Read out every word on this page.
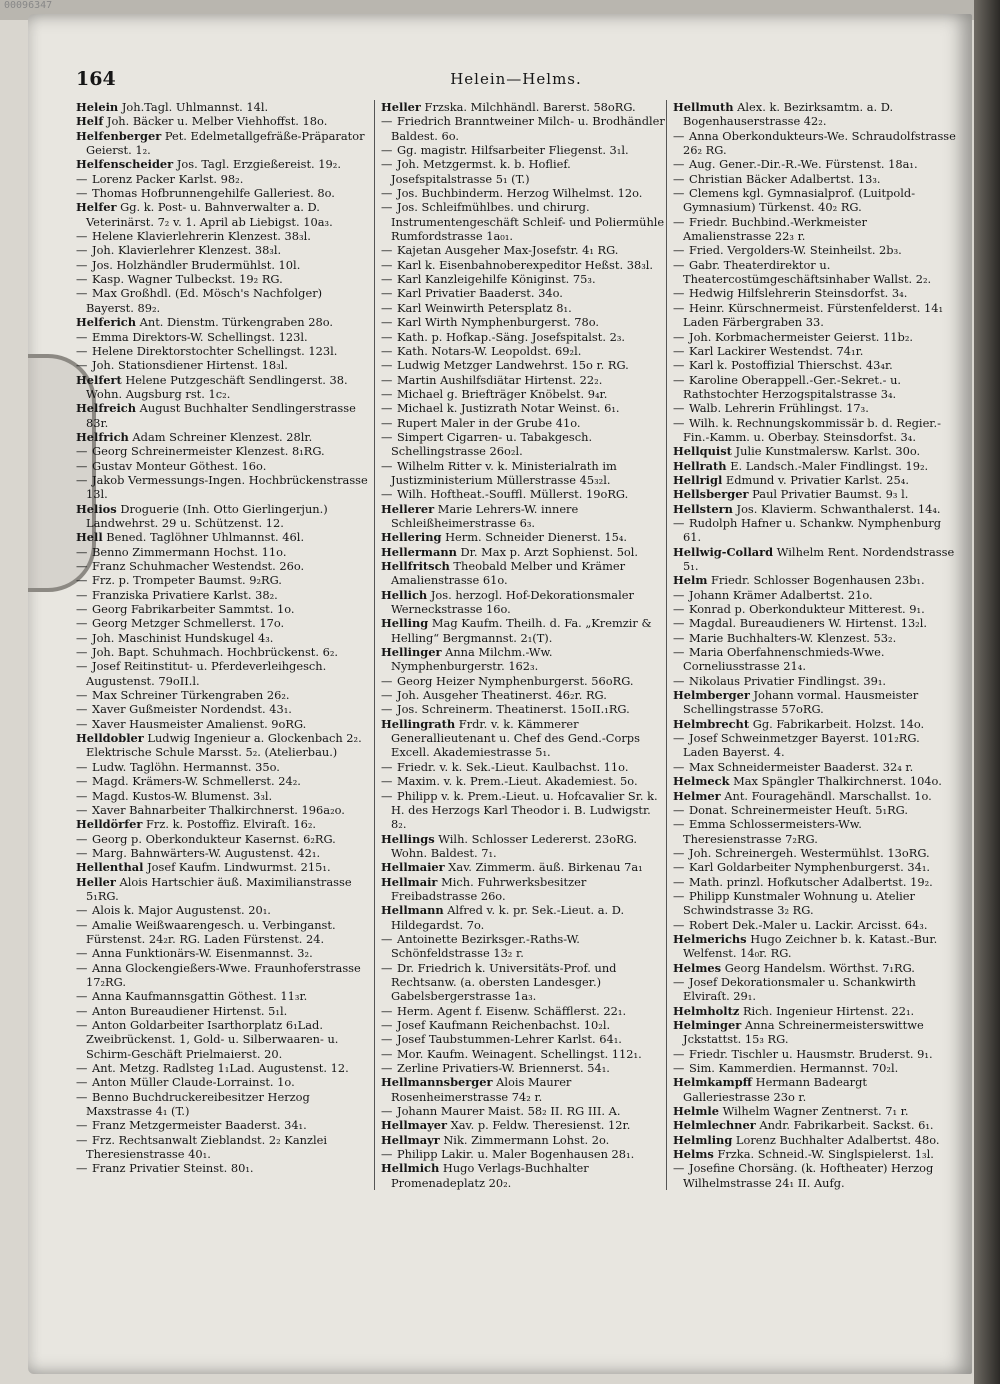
00096347
164	Helein—Helms.
Helein Joh.Tagl. Uhlmannst. 14l.
Helf Joh. Bäcker u. Melber Viehhoffst. 18o.
Helfenberger Pet. Edelmetallgefräße-Präparator Geierst. 1₂.
Helfenscheider Jos. Tagl. Erzgießereist. 19₂.
— Lorenz Packer Karlst. 98₂.
— Thomas Hofbrunnengehilfe Galleriest. 8o.
Helfer Gg. k. Post- u. Bahnverwalter a. D. Veterinärst. 7₂ v. 1. April ab Liebigst. 10a₃.
— Helene Klavierlehrerin Klenzest. 38₃l.
— Joh. Klavierlehrer Klenzest. 38₃l.
— Jos. Holzhändler Brudermühlst. 10l.
— Kasp. Wagner Tulbeckst. 19₂ RG.
— Max Großhdl. (Ed. Mösch's Nachfolger) Bayerst. 89₂.
Helferich Ant. Dienstm. Türkengraben 28o.
— Emma Direktors-W. Schellingst. 123l.
— Helene Direktorstochter Schellingst. 123l.
— Joh. Stationsdiener Hirtenst. 18₃l.
Helfert Helene Putzgeschäft Sendlingerst. 38. Wohn. Augsburg rst. 1c₂.
Helfreich August Buchhalter Sendlingerstrasse 83r.
Helfrich Adam Schreiner Klenzest. 28lr.
— Georg Schreinermeister Klenzest. 8₁RG.
— Gustav Monteur Göthest. 16o.
— Jakob Vermessungs-Ingen. Hochbrückenstrasse 13l.
Helios Droguerie (Inh. Otto Gierlingerjun.) Landwehrst. 29 u. Schützenst. 12.
Hell Bened. Taglöhner Uhlmannst. 46l.
— Benno Zimmermann Hochst. 11o.
— Franz Schuhmacher Westendst. 26o.
— Frz. p. Trompeter Baumst. 9₂RG.
— Franziska Privatiere Karlst. 38₂.
— Georg Fabrikarbeiter Sammtst. 1o.
— Georg Metzger Schmellerst. 17o.
— Joh. Maschinist Hundskugel 4₃.
— Joh. Bapt. Schuhmach. Hochbrückenst. 6₂.
— Josef Reitinstitut- u. Pferdeverleihgesch. Augustenst. 79oII.l.
— Max Schreiner Türkengraben 26₂.
— Xaver Gußmeister Nordendst. 43₁.
— Xaver Hausmeister Amalienst. 9oRG.
Helldobler Ludwig Ingenieur a. Glockenbach 2₂. Elektrische Schule Marsst. 5₂. (Atelierbau.)
— Ludw. Taglöhn. Hermannst. 35o.
— Magd. Krämers-W. Schmellerst. 24₂.
— Magd. Kustos-W. Blumenst. 3₃l.
— Xaver Bahnarbeiter Thalkirchnerst. 196a₂o.
Helldörfer Frz. k. Postoffiz. Elviraſt. 16₂.
— Georg p. Oberkondukteur Kasernst. 6₂RG.
— Marg. Bahnwärters-W. Augustenst. 42₁.
Hellenthal Josef Kaufm. Lindwurmst. 215₁.
Heller Alois Hartschier äuß. Maximilianstrasse 5₁RG.
— Alois k. Major Augustenst. 20₁.
— Amalie Weißwaarengesch. u. Verbinganst. Fürstenst. 24₂r. RG. Laden Fürstenst. 24.
— Anna Funktionärs-W. Eisenmannst. 3₂.
— Anna Glockengießers-Wwe. Fraunhoferstrasse 17₂RG.
— Anna Kaufmannsgattin Göthest. 11₃r.
— Anton Bureaudiener Hirtenst. 5₁l.
— Anton Goldarbeiter Isarthorplatz 6₁Lad. Zweibrückenst. 1, Gold- u. Silberwaaren- u. Schirm-Geschäft Prielmaierst. 20.
— Ant. Metzg. Radlsteg 1₁Lad. Augustenst. 12.
— Anton Müller Claude-Lorrainst. 1o.
— Benno Buchdruckereibesitzer Herzog Maxstrasse 4₁ (T.)
— Franz Metzgermeister Baaderst. 34₁.
— Frz. Rechtsanwalt Zieblandst. 2₂ Kanzlei Theresienstrasse 40₁.
— Franz Privatier Steinst. 80₁.
Heller Frzska. Milchhändl. Barerst. 58oRG.
— Friedrich Branntweiner Milch- u. Brodhändler Baldest. 6o.
— Gg. magistr. Hilfsarbeiter Fliegenst. 3₁l.
— Joh. Metzgermst. k. b. Hoflief. Josefspitalstrasse 5₁ (T.)
— Jos. Buchbinderm. Herzog Wilhelmst. 12o.
— Jos. Schleifmühlbes. und chirurg. Instrumentengeschäft Schleif- und Poliermühle Rumfordstrasse 1a₀₁.
— Kajetan Ausgeher Max-Josefstr. 4₁ RG.
— Karl k. Eisenbahnoberexpeditor Heßst. 38₃l.
— Karl Kanzleigehilfe Königinst. 75₃.
— Karl Privatier Baaderst. 34o.
— Karl Weinwirth Petersplatz 8₁.
— Karl Wirth Nymphenburgerst. 78o.
— Kath. p. Hofkap.-Säng. Josefspitalst. 2₃.
— Kath. Notars-W. Leopoldst. 69₂l.
— Ludwig Metzger Landwehrst. 15o r. RG.
— Martin Aushilfsdiätar Hirtenst. 22₂.
— Michael g. Briefträger Knöbelst. 9₄r.
— Michael k. Justizrath Notar Weinst. 6₁.
— Rupert Maler in der Grube 41o.
— Simpert Cigarren- u. Tabakgesch. Schellingstrasse 26o₂l.
— Wilhelm Ritter v. k. Ministerialrath im Justizministerium Müllerstrasse 45₃₂l.
— Wilh. Hoftheat.-Souffl. Müllerst. 19oRG.
Hellerer Marie Lehrers-W. innere Schleißheimerstrasse 6₃.
Hellering Herm. Schneider Dienerst. 15₄.
Hellermann Dr. Max p. Arzt Sophienst. 5ol.
Hellfritsch Theobald Melber und Krämer Amalienstrasse 61o.
Hellich Jos. herzogl. Hof-Dekorationsmaler Werneckstrasse 16o.
Helling Mag Kaufm. Theilh. d. Fa. „Kremzir & Helling“ Bergmannst. 2₁(T).
Hellinger Anna Milchm.-Ww. Nymphenburgerstr. 162₃.
— Georg Heizer Nymphenburgerst. 56oRG.
— Joh. Ausgeher Theatinerst. 46₂r. RG.
— Jos. Schreinerm. Theatinerst. 15oII.₁RG.
Hellingrath Frdr. v. k. Kämmerer Generallieutenant u. Chef des Gend.-Corps Excell. Akademiestrasse 5₁.
— Friedr. v. k. Sek.-Lieut. Kaulbachst. 11o.
— Maxim. v. k. Prem.-Lieut. Akademiest. 5o.
— Philipp v. k. Prem.-Lieut. u. Hofcavalier Sr. k. H. des Herzogs Karl Theodor i. B. Ludwigstr. 8₂.
Hellings Wilh. Schlosser Ledererst. 23oRG. Wohn. Baldest. 7₁.
Hellmaier Xav. Zimmerm. äuß. Birkenau 7a₁
Hellmair Mich. Fuhrwerksbesitzer Freibadstrasse 26o.
Hellmann Alfred v. k. pr. Sek.-Lieut. a. D. Hildegardst. 7o.
— Antoinette Bezirksger.-Raths-W. Schönfeldstrasse 13₂ r.
— Dr. Friedrich k. Universitäts-Prof. und Rechtsanw. (a. obersten Landesger.) Gabelsbergerstrasse 1a₃.
— Herm. Agent f. Eisenw. Schäfflerst. 22₁.
— Josef Kaufmann Reichenbachst. 10₂l.
— Josef Taubstummen-Lehrer Karlst. 64₁.
— Mor. Kaufm. Weinagent. Schellingst. 112₁.
— Zerline Privatiers-W. Briennerst. 54₁.
Hellmannsberger Alois Maurer Rosenheimerstrasse 74₂ r.
— Johann Maurer Maist. 58₂ II. RG III. A.
Hellmayer Xav. p. Feldw. Theresienst. 12r.
Hellmayr Nik. Zimmermann Lohst. 2o.
— Philipp Lakir. u. Maler Bogenhausen 28₁.
Hellmich Hugo Verlags-Buchhalter Promenadeplatz 20₂.
Hellmuth Alex. k. Bezirksamtm. a. D. Bogenhauserstrasse 42₂.
— Anna Oberkondukteurs-We. Schraudolfstrasse 26₂ RG.
— Aug. Gener.-Dir.-R.-We. Fürstenst. 18a₁.
— Christian Bäcker Adalbertst. 13₃.
— Clemens kgl. Gymnasialprof. (Luitpold-Gymnasium) Türkenst. 40₂ RG.
— Friedr. Buchbind.-Werkmeister Amalienstrasse 22₃ r.
— Fried. Vergolders-W. Steinheilst. 2b₃.
— Gabr. Theaterdirektor u. Theatercostümgeschäftsinhaber Wallst. 2₂.
— Hedwig Hilfslehrerin Steinsdorfst. 3₄.
— Heinr. Kürschnermeist. Fürstenfelderst. 14₁ Laden Färbergraben 33.
— Joh. Korbmachermeister Geierst. 11b₂.
— Karl Lackirer Westendst. 74₁r.
— Karl k. Postoffizial Thierschst. 43₄r.
— Karoline Oberappell.-Ger.-Sekret.- u. Rathstochter Herzogspitalstrasse 3₄.
— Walb. Lehrerin Frühlingst. 17₃.
— Wilh. k. Rechnungskommissär b. d. Regier.-Fin.-Kamm. u. Oberbay. Steinsdorfst. 3₄.
Hellquist Julie Kunstmalersw. Karlst. 30o.
Hellrath E. Landsch.-Maler Findlingst. 19₂.
Hellrigl Edmund v. Privatier Karlst. 25₄.
Hellsberger Paul Privatier Baumst. 9₃ l.
Hellstern Jos. Klavierm. Schwanthalerst. 14₄.
— Rudolph Hafner u. Schankw. Nymphenburg 61.
Hellwig-Collard Wilhelm Rent. Nordendstrasse 5₁.
Helm Friedr. Schlosser Bogenhausen 23b₁.
— Johann Krämer Adalbertst. 21o.
— Konrad p. Oberkondukteur Mitterest. 9₁.
— Magdal. Bureaudieners W. Hirtenst. 13₂l.
— Marie Buchhalters-W. Klenzest. 53₂.
— Maria Oberfahnenschmieds-Wwe. Corneliusstrasse 21₄.
— Nikolaus Privatier Findlingst. 39₁.
Helmberger Johann vormal. Hausmeister Schellingstrasse 57oRG.
Helmbrecht Gg. Fabrikarbeit. Holzst. 14o.
— Josef Schweinmetzger Bayerst. 101₂RG. Laden Bayerst. 4.
— Max Schneidermeister Baaderst. 32₄ r.
Helmeck Max Spängler Thalkirchnerst. 104o.
Helmer Ant. Fouragehändl. Marschallst. 1o.
— Donat. Schreinermeister Heuſt. 5₁RG.
— Emma Schlossermeisters-Ww. Theresienstrasse 7₂RG.
— Joh. Schreinergeh. Westermühlst. 13oRG.
— Karl Goldarbeiter Nymphenburgerst. 34₁.
— Math. prinzl. Hofkutscher Adalbertst. 19₂.
— Philipp Kunstmaler Wohnung u. Atelier Schwindstrasse 3₂ RG.
— Robert Dek.-Maler u. Lackir. Arcisst. 64₃.
Helmerichs Hugo Zeichner b. k. Katast.-Bur. Welfenst. 14₀r. RG.
Helmes Georg Handelsm. Wörthst. 7₁RG.
— Josef Dekorationsmaler u. Schankwirth Elviraſt. 29₁.
Helmholtz Rich. Ingenieur Hirtenst. 22₁.
Helminger Anna Schreinermeisterswittwe Jckstattst. 15₃ RG.
— Friedr. Tischler u. Hausmstr. Bruderst. 9₁.
— Sim. Kammerdien. Hermannst. 70₂l.
Helmkampff Hermann Badeargt Galleriestrasse 23o r.
Helmle Wilhelm Wagner Zentnerst. 7₁ r.
Helmlechner Andr. Fabrikarbeit. Sackst. 6₁.
Helmling Lorenz Buchhalter Adalbertst. 48o.
Helms Frzka. Schneid.-W. Singlspielerst. 1₃l.
— Josefine Chorsäng. (k. Hoftheater) Herzog Wilhelmstrasse 24₁ II. Aufg.
